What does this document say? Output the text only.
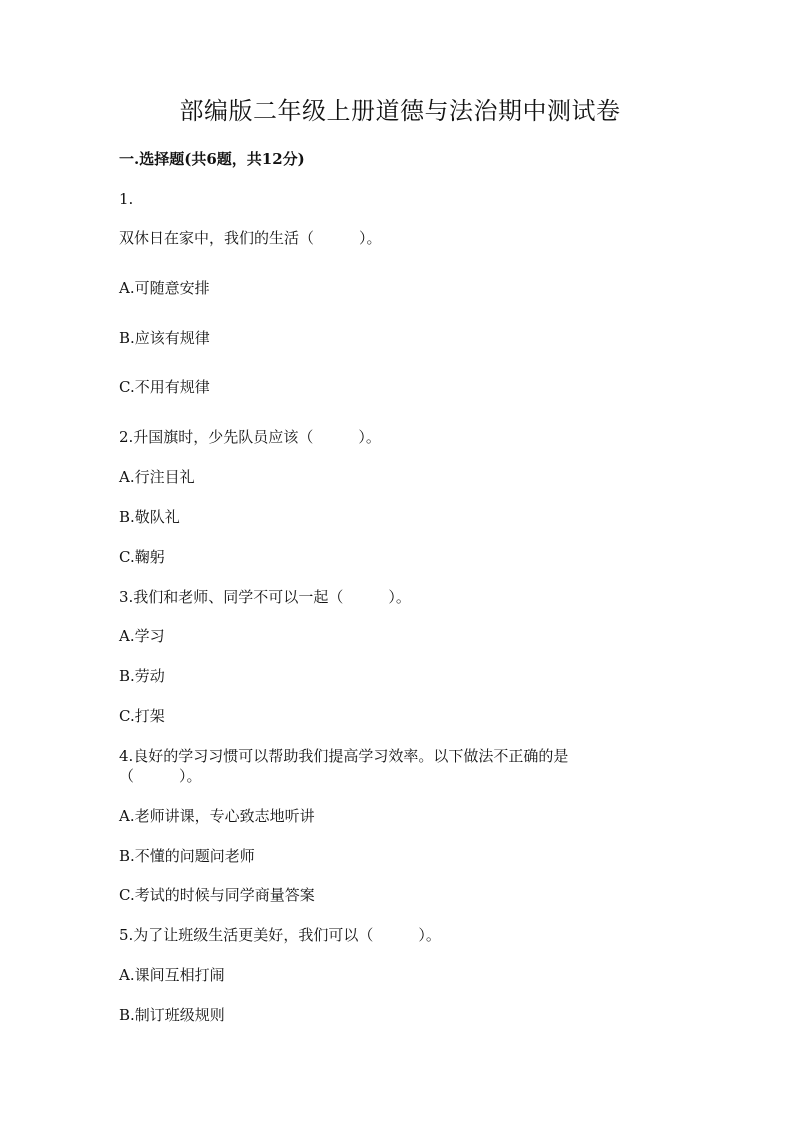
部编版二年级上册道德与法治期中测试卷
一.选择题(共6题，共12分)
1.
双休日在家中，我们的生活（　　　）。
A.可随意安排
B.应该有规律
C.不用有规律
2.升国旗时，少先队员应该（　　　）。
A.行注目礼
B.敬队礼
C.鞠躬
3.我们和老师、同学不可以一起（　　　）。
A.学习
B.劳动
C.打架
4.良好的学习习惯可以帮助我们提高学习效率。以下做法不正确的是（　　　）。
A.老师讲课，专心致志地听讲
B.不懂的问题问老师
C.考试的时候与同学商量答案
5.为了让班级生活更美好，我们可以（　　　）。
A.课间互相打闹
B.制订班级规则
